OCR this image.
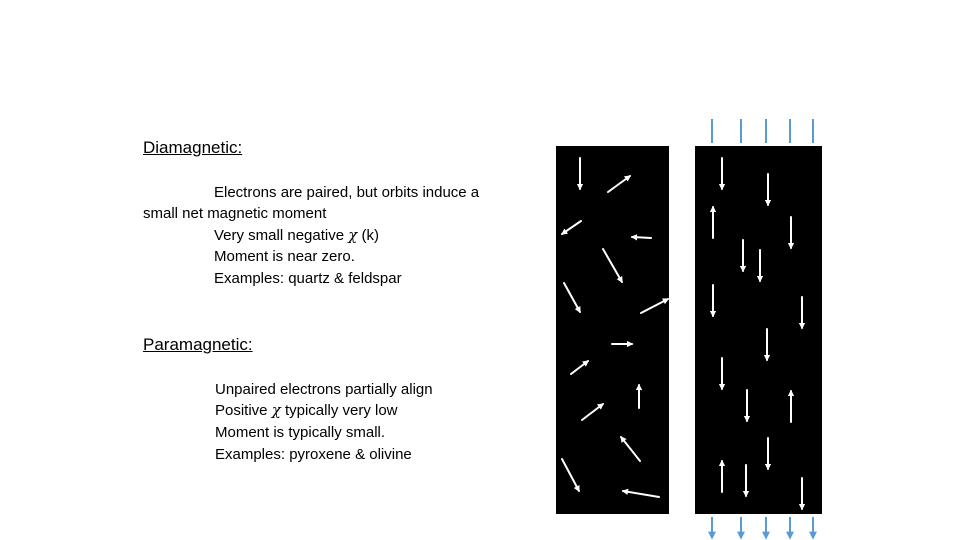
Diamagnetic:
Electrons are paired, but orbits induce a
small net magnetic moment
Very small negative χ (k)
Moment is near zero.
Examples: quartz & feldspar
Paramagnetic:
Unpaired electrons partially align
Positive χ typically very low
Moment is typically small.
Examples: pyroxene & olivine
